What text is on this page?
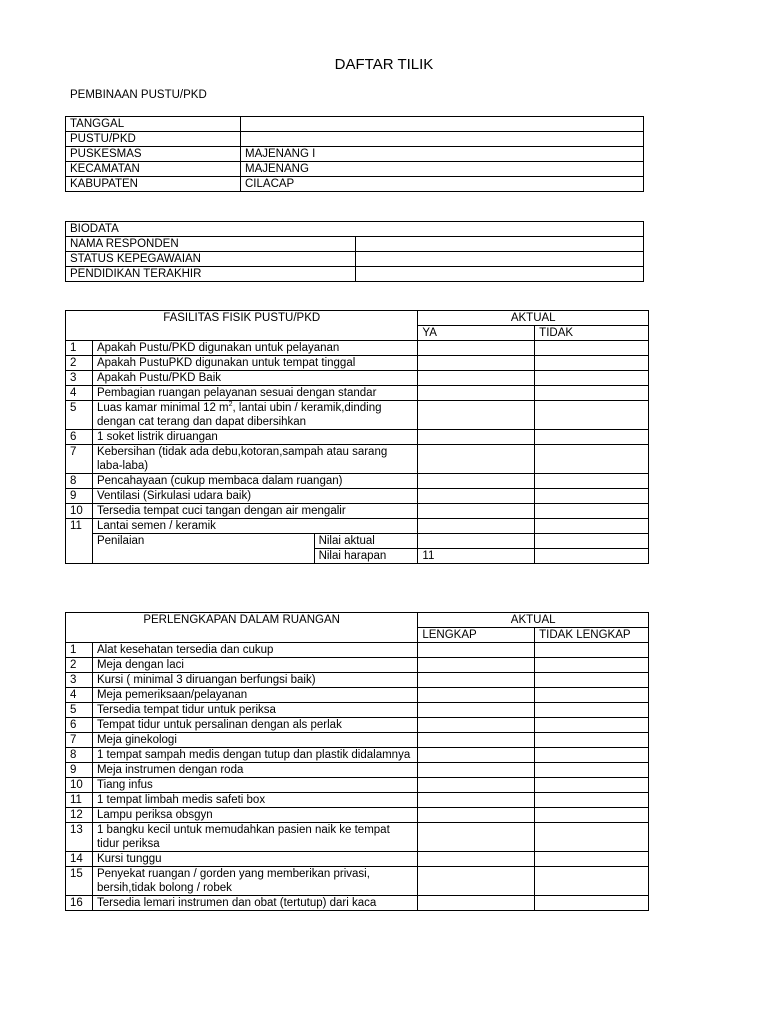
DAFTAR TILIK
PEMBINAAN PUSTU/PKD
TANGGAL	
PUSTU/PKD	
PUSKESMAS	MAJENANG I
KECAMATAN	MAJENANG
KABUPATEN	CILACAP
BIODATA	
NAMA RESPONDEN	
STATUS KEPEGAWAIAN	
PENDIDIKAN TERAKHIR	
FASILITAS FISIK PUSTU/PKD			AKTUAL	
			YA	TIDAK
1	Apakah Pustu/PKD digunakan untuk pelayanan			
2	Apakah PustuPKD digunakan untuk tempat tinggal			
3	Apakah Pustu/PKD Baik			
4	Pembagian ruangan pelayanan sesuai dengan standar			
5	Luas kamar minimal 12 $m^2$, lantai ubin / keramik,dinding dengan cat terang dan dapat dibersihkan			
6	1 soket listrik diruangan			
7	Kebersihan (tidak ada debu,kotoran,sampah atau sarang laba-laba)			
8	Pencahayaan (cukup membaca dalam ruangan)			
9	Ventilasi (Sirkulasi udara baik)			
10	Tersedia tempat cuci tangan dengan air mengalir			
11	Lantai semen / keramik			
	Penilaian	Nilai aktual		
		Nilai harapan	11	
PERLENGKAPAN DALAM RUANGAN		AKTUAL	
		LENGKAP	TIDAK LENGKAP
1	Alat kesehatan tersedia dan cukup		
2	Meja dengan laci		
3	Kursi ( minimal 3 diruangan berfungsi baik)		
4	Meja pemeriksaan/pelayanan		
5	Tersedia tempat tidur untuk periksa		
6	Tempat tidur untuk persalinan dengan als perlak		
7	Meja ginekologi		
8	1 tempat sampah medis dengan tutup dan plastik didalamnya		
9	Meja instrumen dengan roda		
10	Tiang infus		
11	1 tempat limbah medis safeti box		
12	Lampu periksa obsgyn		
13	1 bangku kecil untuk memudahkan pasien naik ke tempat tidur periksa		
14	Kursi tunggu		
15	Penyekat ruangan / gorden yang memberikan privasi, bersih,tidak bolong / robek		
16	Tersedia lemari instrumen dan obat (tertutup) dari kaca		
